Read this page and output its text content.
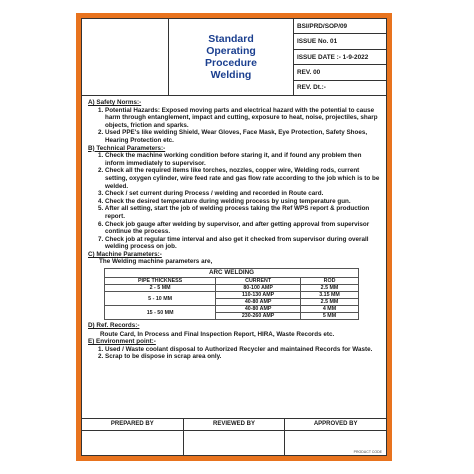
Standard Operating
Procedure
Welding
BSI/PRD/SOP/09
ISSUE No. 01
ISSUE DATE :- 1-9-2022
REV. 00
REV. Dt.:-
A) Safety Norms:-
1. Potential Hazards: Exposed moving parts and electrical hazard with the potential to cause harm through entanglement, impact and cutting, exposure to heat, noise, projectiles, sharp objects, friction and sparks.
2. Used PPE's like welding Shield, Wear Gloves, Face Mask, Eye Protection, Safety Shoes, Hearing Protection etc.
B) Technical Parameters:-
1. Check the machine working condition before staring it, and if found any problem then inform immediately to supervisor.
2. Check all the required items like torches, nozzles, copper wire, Welding rods, current setting, oxygen cylinder, wire feed rate and gas flow rate according to the job which is to be welded.
3. Check / set current during Process / welding and recorded in Route card.
4. Check the desired temperature during welding process by using temperature gun.
5. After all setting, start the job of welding process taking the Ref WPS report & production report.
6. Check job gauge after welding by supervisor, and after getting approval from supervisor continue the process.
7. Check job at regular time interval and also get it checked from supervisor during overall welding process on job.
C) Machine Parameters:-
The Welding machine parameters are,
ARC WELDING		
PIPE THICKNESS	CURRENT	ROD
2 - 5 MM	80-100 AMP	2.5 MM
5 - 10 MM	110-130 AMP	3.15 MM
	40-80 AMP	2.5 MM
15 - 50 MM	40-80 AMP	4 MM
	230-260 AMP	5 MM
D) Ref. Records:-
Route Card, In Process and Final Inspection Report, HIRA, Waste Records etc.
E) Environment point:-
1. Used / Waste coolant disposal to Authorized Recycler and maintained Records for Waste.
2. Scrap to be dispose in scrap area only.
PREPARED BY	REVIEWED BY	APPROVED BY
PRODUCT CODE
